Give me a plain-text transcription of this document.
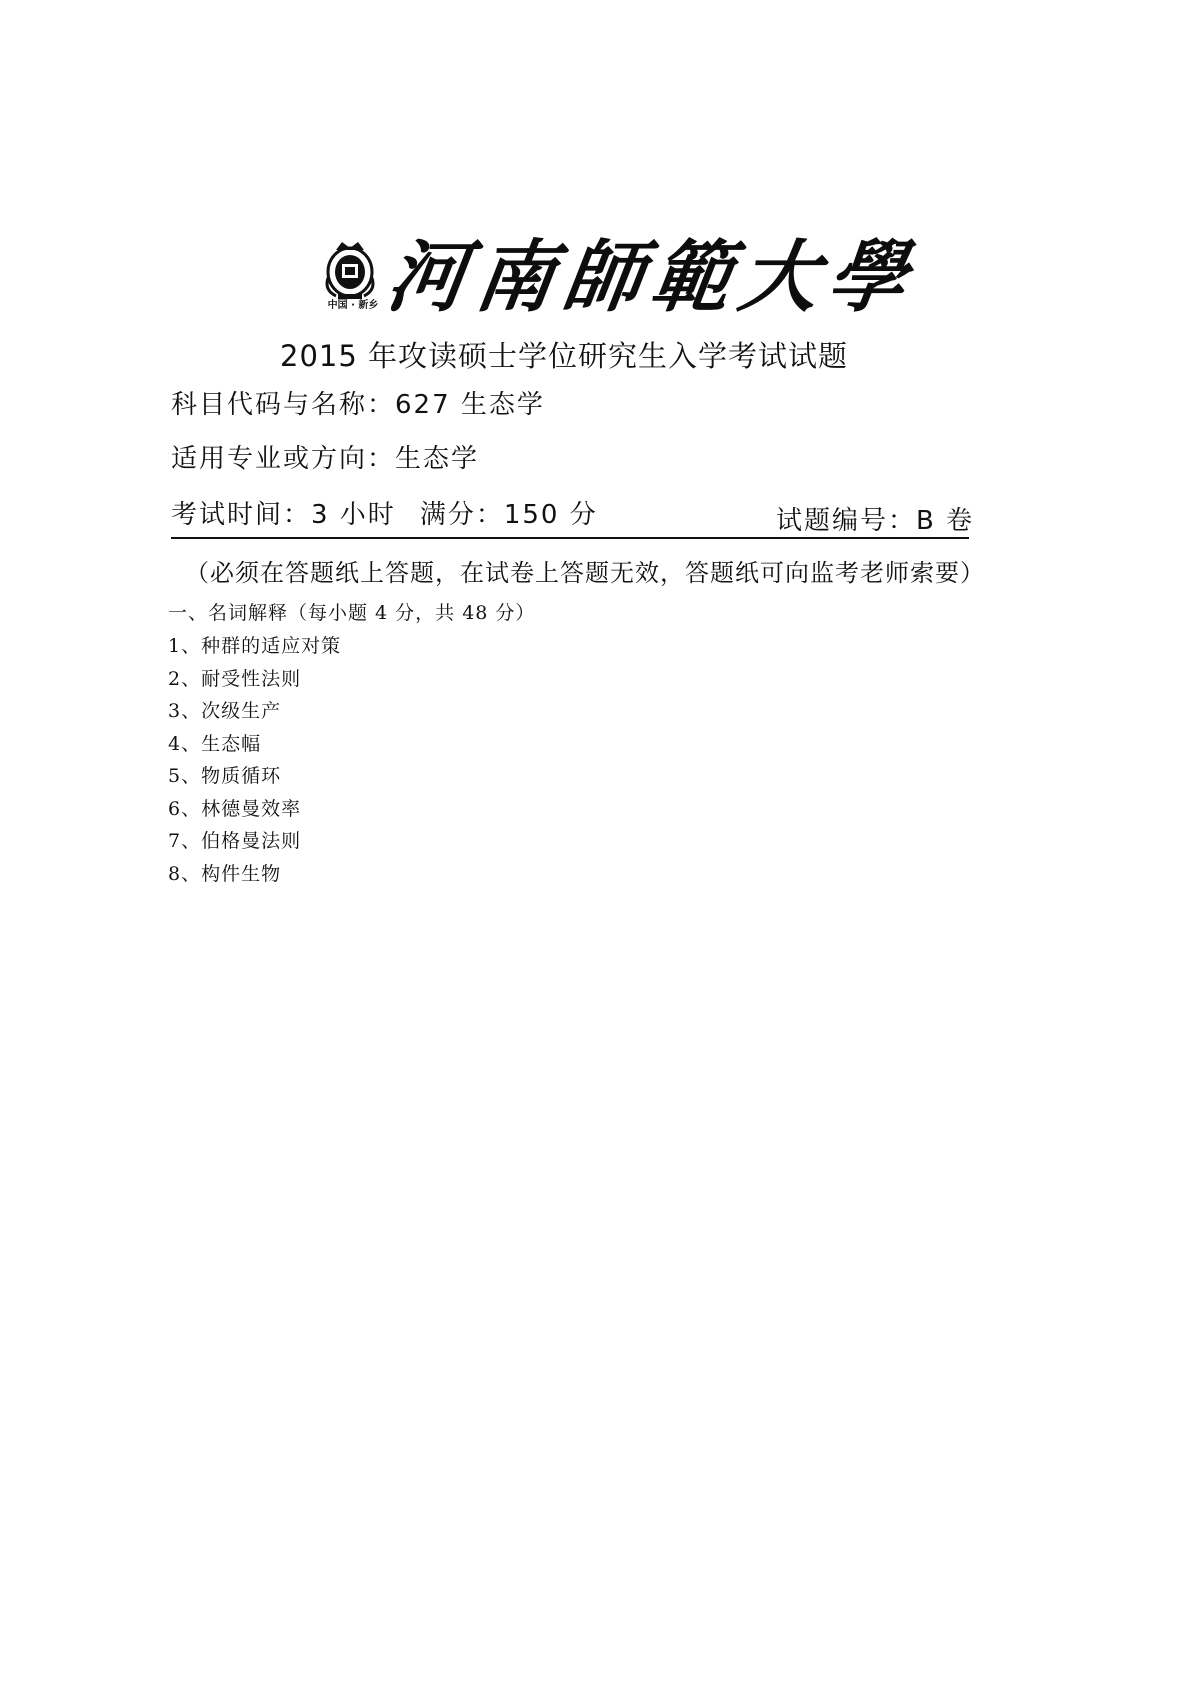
中国 · 新乡 河南師範大學
2015 年攻读硕士学位研究生入学考试试题
科目代码与名称：627 生态学
适用专业或方向：生态学
考试时间：3 小时 满分：150 分	试题编号：B 卷
（必须在答题纸上答题，在试卷上答题无效，答题纸可向监考老师索要）
一、名词解释（每小题 4 分，共 48 分）
1、种群的适应对策
2、耐受性法则
3、次级生产
4、生态幅
5、物质循环
6、林德曼效率
7、伯格曼法则
8、构件生物
